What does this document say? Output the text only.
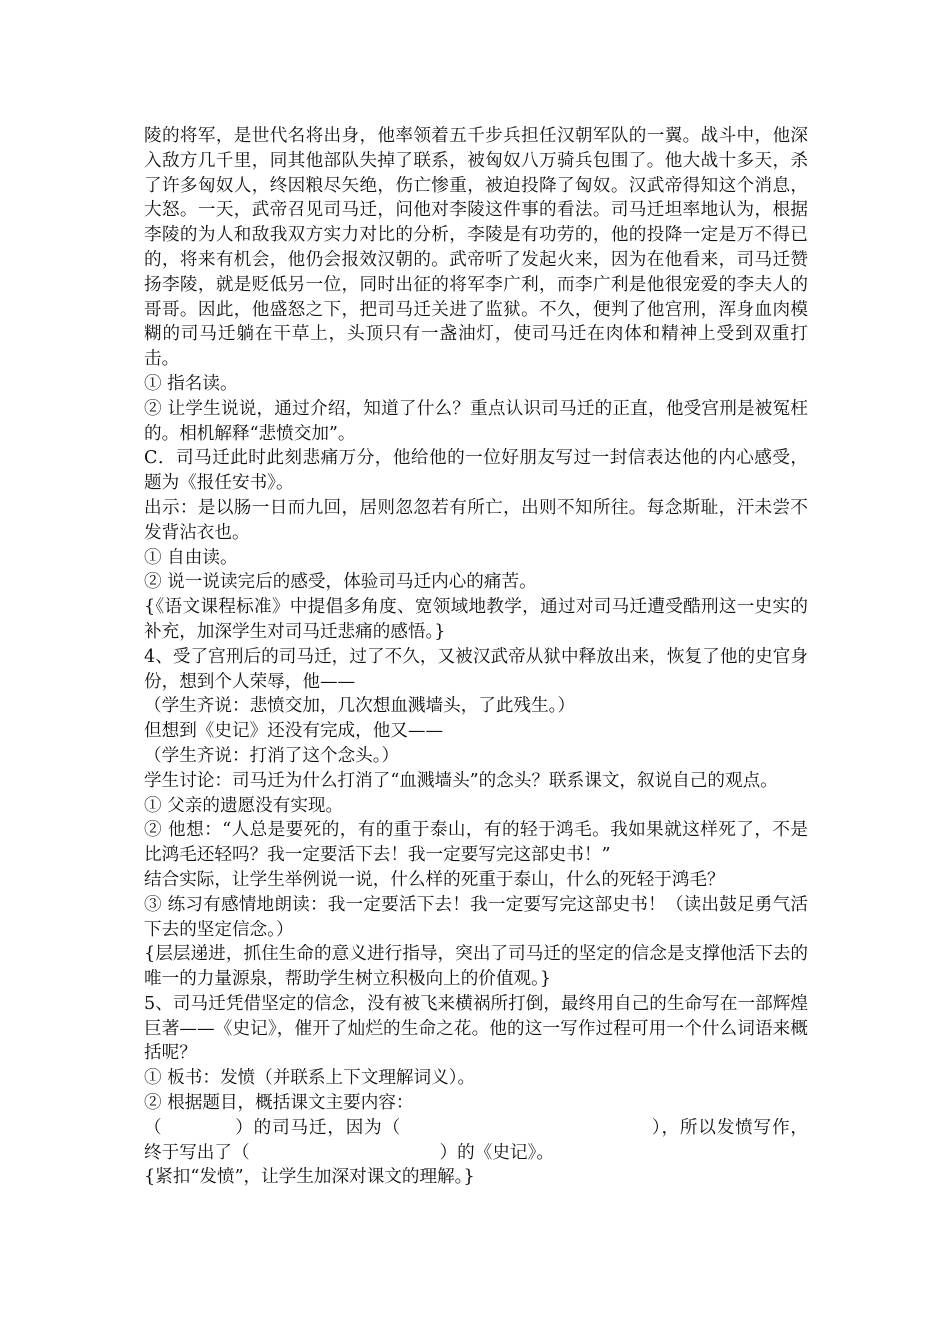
陵的将军，是世代名将出身，他率领着五千步兵担任汉朝军队的一翼。战斗中，他深入敌方几千里，同其他部队失掉了联系，被匈奴八万骑兵包围了。他大战十多天，杀了许多匈奴人，终因粮尽矢绝，伤亡惨重，被迫投降了匈奴。汉武帝得知这个消息，大怒。一天，武帝召见司马迁，问他对李陵这件事的看法。司马迁坦率地认为，根据李陵的为人和敌我双方实力对比的分析，李陵是有功劳的，他的投降一定是万不得已的，将来有机会，他仍会报效汉朝的。武帝听了发起火来，因为在他看来，司马迁赞扬李陵，就是贬低另一位，同时出征的将军李广利，而李广利是他很宠爱的李夫人的哥哥。因此，他盛怒之下，把司马迁关进了监狱。不久，便判了他宫刑，浑身血肉模糊的司马迁躺在干草上，头顶只有一盏油灯，使司马迁在肉体和精神上受到双重打击。

① 指名读。

② 让学生说说，通过介绍，知道了什么？重点认识司马迁的正直，他受宫刑是被冤枉的。相机解释“悲愤交加”。

C．司马迁此时此刻悲痛万分，他给他的一位好朋友写过一封信表达他的内心感受，题为《报任安书》。

出示：是以肠一日而九回，居则忽忽若有所亡，出则不知所往。每念斯耻，汗未尝不发背沾衣也。

① 自由读。

② 说一说读完后的感受，体验司马迁内心的痛苦。

{《语文课程标准》中提倡多角度、宽领域地教学，通过对司马迁遭受酷刑这一史实的补充，加深学生对司马迁悲痛的感悟。}

4、受了宫刑后的司马迁，过了不久，又被汉武帝从狱中释放出来，恢复了他的史官身份，想到个人荣辱，他——

（学生齐说：悲愤交加，几次想血溅墙头，了此残生。）

但想到《史记》还没有完成，他又——

（学生齐说：打消了这个念头。）

学生讨论：司马迁为什么打消了“血溅墙头”的念头？联系课文，叙说自己的观点。

① 父亲的遗愿没有实现。

② 他想：“人总是要死的，有的重于泰山，有的轻于鸿毛。我如果就这样死了，不是比鸿毛还轻吗？我一定要活下去！我一定要写完这部史书！”

结合实际，让学生举例说一说，什么样的死重于泰山，什么的死轻于鸿毛？

③ 练习有感情地朗读：我一定要活下去！我一定要写完这部史书！（读出鼓足勇气活下去的坚定信念。）

{层层递进，抓住生命的意义进行指导，突出了司马迁的坚定的信念是支撑他活下去的唯一的力量源泉，帮助学生树立积极向上的价值观。}

5、司马迁凭借坚定的信念，没有被飞来横祸所打倒，最终用自己的生命写在一部辉煌巨著——《史记》，催开了灿烂的生命之花。他的这一写作过程可用一个什么词语来概括呢？

① 板书：发愤（并联系上下文理解词义）。

② 根据题目，概括课文主要内容：

（	）的司马迁，因为（	），所以发愤写作，

终于写出了（	）的《史记》。

{紧扣“发愤”，让学生加深对课文的理解。}
